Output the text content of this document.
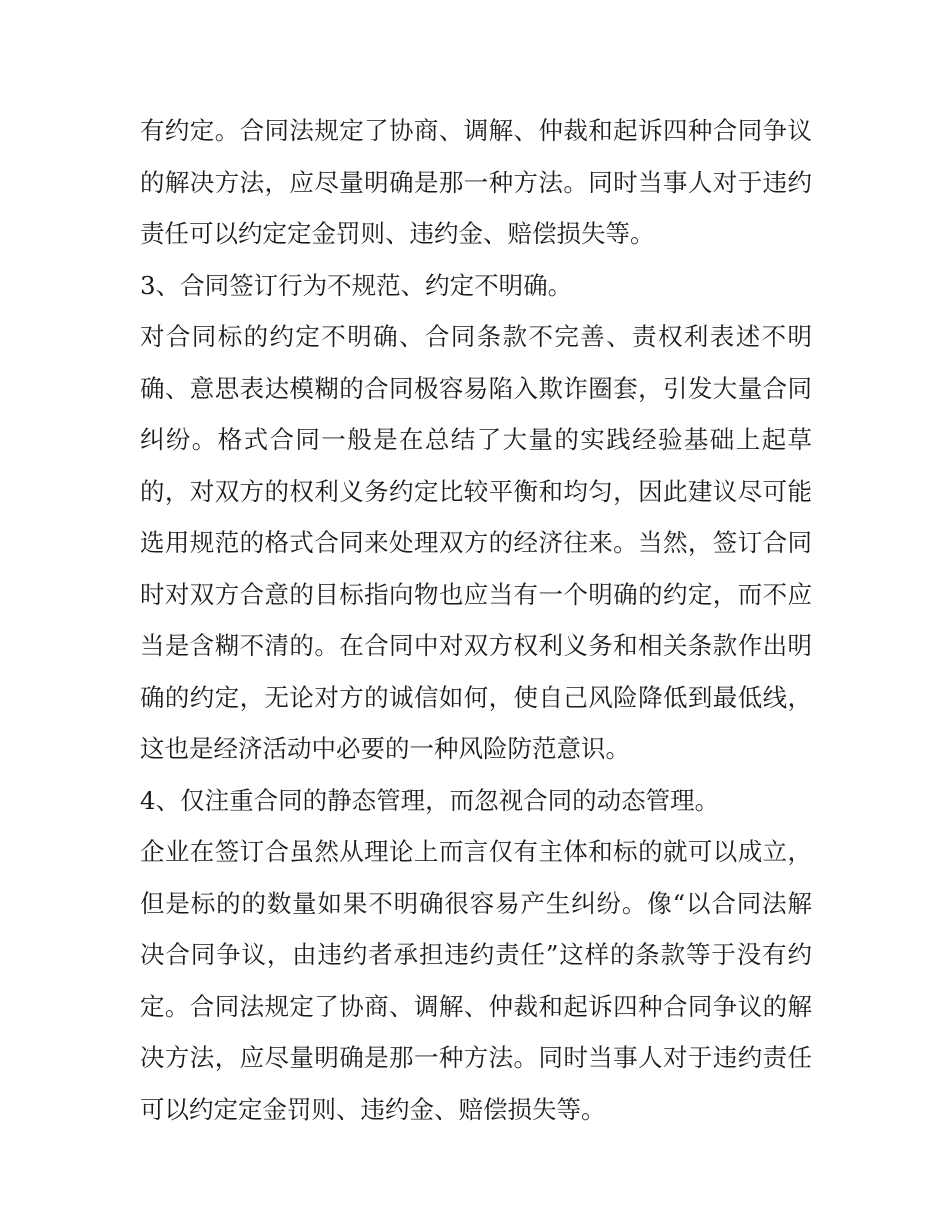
有约定。合同法规定了协商、调解、仲裁和起诉四种合同争议
的解决方法，应尽量明确是那一种方法。同时当事人对于违约
责任可以约定定金罚则、违约金、赔偿损失等。
3、合同签订行为不规范、约定不明确。
对合同标的约定不明确、合同条款不完善、责权利表述不明
确、意思表达模糊的合同极容易陷入欺诈圈套，引发大量合同
纠纷。格式合同一般是在总结了大量的实践经验基础上起草
的，对双方的权利义务约定比较平衡和均匀，因此建议尽可能
选用规范的格式合同来处理双方的经济往来。当然，签订合同
时对双方合意的目标指向物也应当有一个明确的约定，而不应
当是含糊不清的。在合同中对双方权利义务和相关条款作出明
确的约定，无论对方的诚信如何，使自己风险降低到最低线，
这也是经济活动中必要的一种风险防范意识。
4、仅注重合同的静态管理，而忽视合同的动态管理。
企业在签订合虽然从理论上而言仅有主体和标的就可以成立，
但是标的的数量如果不明确很容易产生纠纷。像“以合同法解
决合同争议，由违约者承担违约责任”这样的条款等于没有约
定。合同法规定了协商、调解、仲裁和起诉四种合同争议的解
决方法，应尽量明确是那一种方法。同时当事人对于违约责任
可以约定定金罚则、违约金、赔偿损失等。
